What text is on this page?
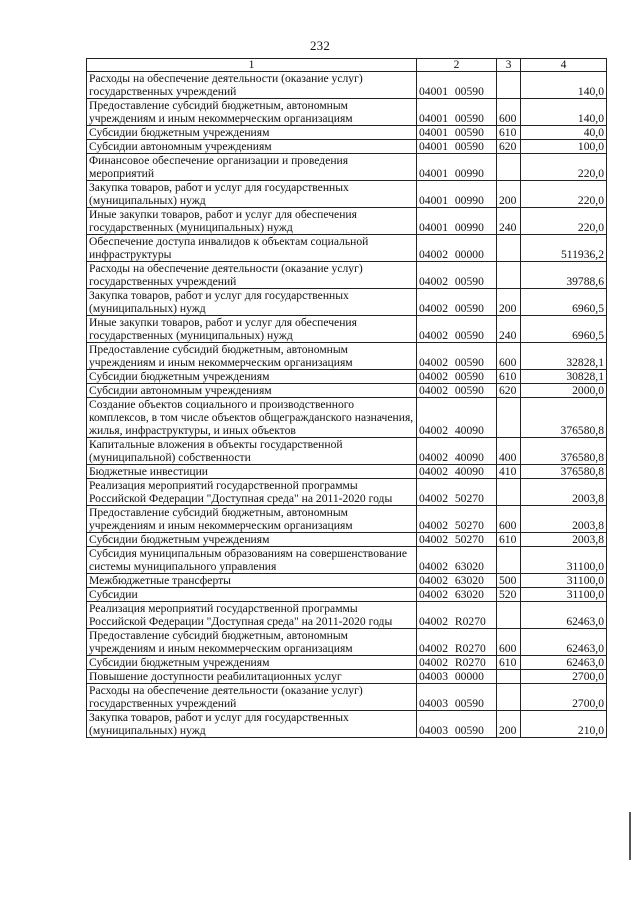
232
1	2	3	4
Расходы на обеспечение деятельности (оказание услуг) государственных учреждений	04001 00590		140,0
Предоставление субсидий бюджетным, автономным учреждениям и иным некоммерческим организациям	04001 00590	600	140,0
Субсидии бюджетным учреждениям	04001 00590	610	40,0
Субсидии автономным учреждениям	04001 00590	620	100,0
Финансовое обеспечение организации и проведения мероприятий	04001 00990		220,0
Закупка товаров, работ и услуг для государственных (муниципальных) нужд	04001 00990	200	220,0
Иные закупки товаров, работ и услуг для обеспечения государственных (муниципальных) нужд	04001 00990	240	220,0
Обеспечение доступа инвалидов к объектам социальной инфраструктуры	04002 00000		511936,2
Расходы на обеспечение деятельности (оказание услуг) государственных учреждений	04002 00590		39788,6
Закупка товаров, работ и услуг для государственных (муниципальных) нужд	04002 00590	200	6960,5
Иные закупки товаров, работ и услуг для обеспечения государственных (муниципальных) нужд	04002 00590	240	6960,5
Предоставление субсидий бюджетным, автономным учреждениям и иным некоммерческим организациям	04002 00590	600	32828,1
Субсидии бюджетным учреждениям	04002 00590	610	30828,1
Субсидии автономным учреждениям	04002 00590	620	2000,0
Создание объектов социального и производственного комплексов, в том числе объектов общегражданского назначения, жилья, инфраструктуры, и иных объектов	04002 40090		376580,8
Капитальные вложения в объекты государственной (муниципальной) собственности	04002 40090	400	376580,8
Бюджетные инвестиции	04002 40090	410	376580,8
Реализация мероприятий государственной программы Российской Федерации "Доступная среда" на 2011-2020 годы	04002 50270		2003,8
Предоставление субсидий бюджетным, автономным учреждениям и иным некоммерческим организациям	04002 50270	600	2003,8
Субсидии бюджетным учреждениям	04002 50270	610	2003,8
Субсидия муниципальным образованиям на совершенствование системы муниципального управления	04002 63020		31100,0
Межбюджетные трансферты	04002 63020	500	31100,0
Субсидии	04002 63020	520	31100,0
Реализация мероприятий государственной программы Российской Федерации "Доступная среда" на 2011-2020 годы	04002 R0270		62463,0
Предоставление субсидий бюджетным, автономным учреждениям и иным некоммерческим организациям	04002 R0270	600	62463,0
Субсидии бюджетным учреждениям	04002 R0270	610	62463,0
Повышение доступности реабилитационных услуг	04003 00000		2700,0
Расходы на обеспечение деятельности (оказание услуг) государственных учреждений	04003 00590		2700,0
Закупка товаров, работ и услуг для государственных (муниципальных) нужд	04003 00590	200	210,0
